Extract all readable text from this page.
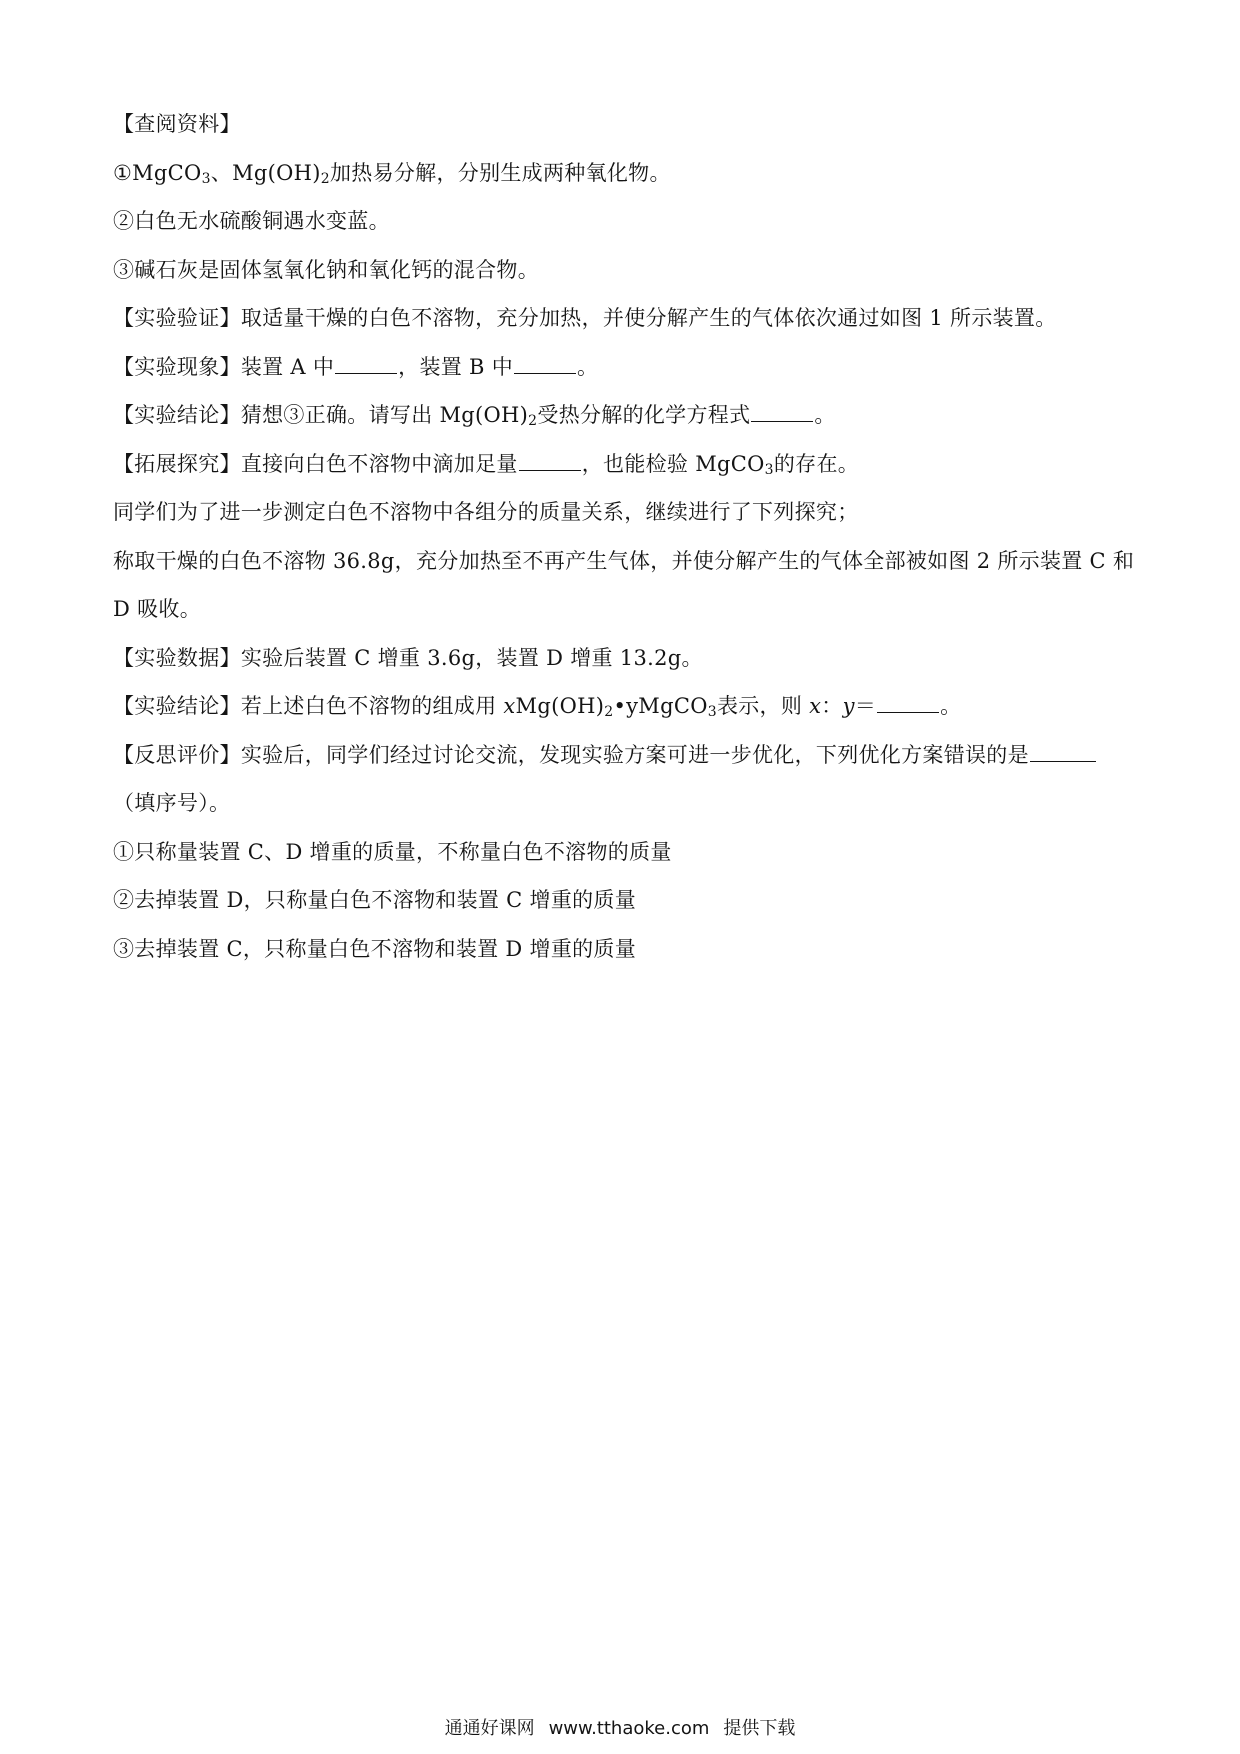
【查阅资料】
①MgCO$_3$、$Mg(OH)_2$加热易分解，分别生成两种氧化物。
②白色无水硫酸铜遇水变蓝。
③碱石灰是固体氢氧化钠和氧化钙的混合物。
【实验验证】取适量干燥的白色不溶物，充分加热，并使分解产生的气体依次通过如图 1 所示装置。
【实验现象】装置 A 中	，装置 B 中	。
【实验结论】猜想③正确。请写出 $Mg(OH)_2$受热分解的化学方程式	。
【拓展探究】直接向白色不溶物中滴加足量	，也能检验 MgCO$_3$的存在。
同学们为了进一步测定白色不溶物中各组分的质量关系，继续进行了下列探究；
称取干燥的白色不溶物 36.8g，充分加热至不再产生气体，并使分解产生的气体全部被如图 2 所示装置 C 和
D 吸收。
【实验数据】实验后装置 C 增重 3.6g，装置 D 增重 13.2g。
【实验结论】若上述白色不溶物的组成用 $xMg(OH)_2•yMgCO_3$表示，则 x：y＝	。
【反思评价】实验后，同学们经过讨论交流，发现实验方案可进一步优化，下列优化方案错误的是
（填序号）。
①只称量装置 C、D 增重的质量，不称量白色不溶物的质量
②去掉装置 D，只称量白色不溶物和装置 C 增重的质量
③去掉装置 C，只称量白色不溶物和装置 D 增重的质量
通通好课网 www.tthaoke.com 提供下载
